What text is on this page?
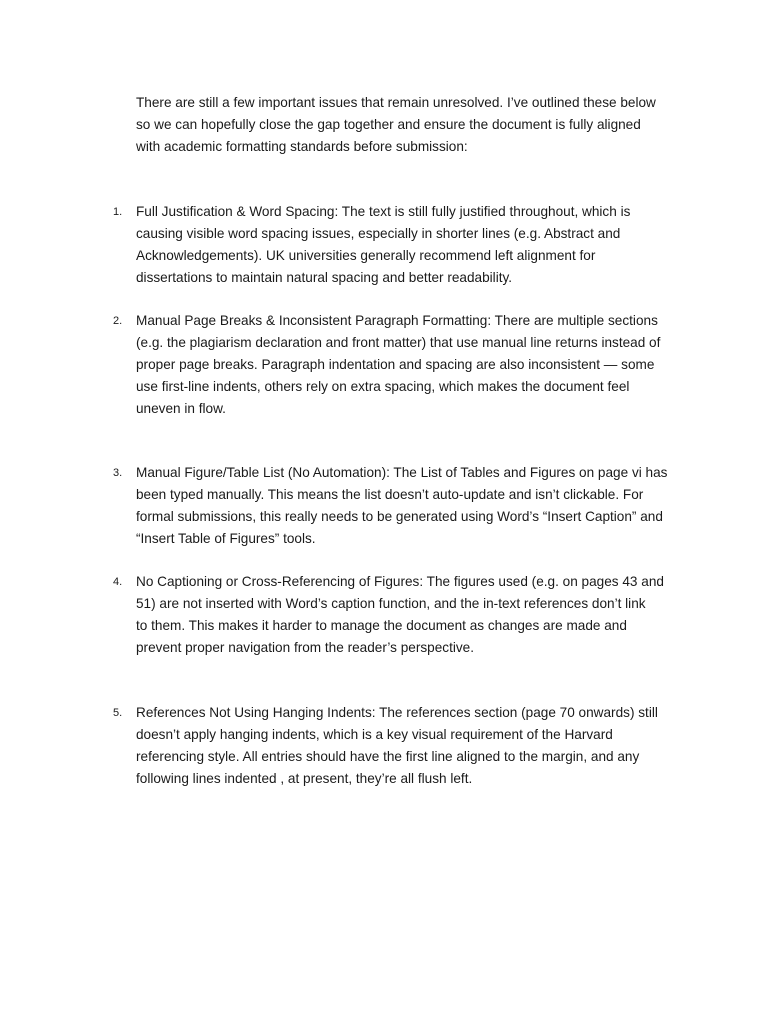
There are still a few important issues that remain unresolved. I’ve outlined these below
so we can hopefully close the gap together and ensure the document is fully aligned
with academic formatting standards before submission:
1. Full Justification & Word Spacing: The text is still fully justified throughout, which is
causing visible word spacing issues, especially in shorter lines (e.g. Abstract and
Acknowledgements). UK universities generally recommend left alignment for
dissertations to maintain natural spacing and better readability.
2. Manual Page Breaks & Inconsistent Paragraph Formatting: There are multiple sections
(e.g. the plagiarism declaration and front matter) that use manual line returns instead of
proper page breaks. Paragraph indentation and spacing are also inconsistent — some
use first-line indents, others rely on extra spacing, which makes the document feel
uneven in flow.
3. Manual Figure/Table List (No Automation): The List of Tables and Figures on page vi has
been typed manually. This means the list doesn’t auto-update and isn’t clickable. For
formal submissions, this really needs to be generated using Word’s “Insert Caption” and
“Insert Table of Figures” tools.
4. No Captioning or Cross-Referencing of Figures: The figures used (e.g. on pages 43 and
51) are not inserted with Word’s caption function, and the in-text references don’t link
to them. This makes it harder to manage the document as changes are made and
prevent proper navigation from the reader’s perspective.
5. References Not Using Hanging Indents: The references section (page 70 onwards) still
doesn’t apply hanging indents, which is a key visual requirement of the Harvard
referencing style. All entries should have the first line aligned to the margin, and any
following lines indented , at present, they’re all flush left.
